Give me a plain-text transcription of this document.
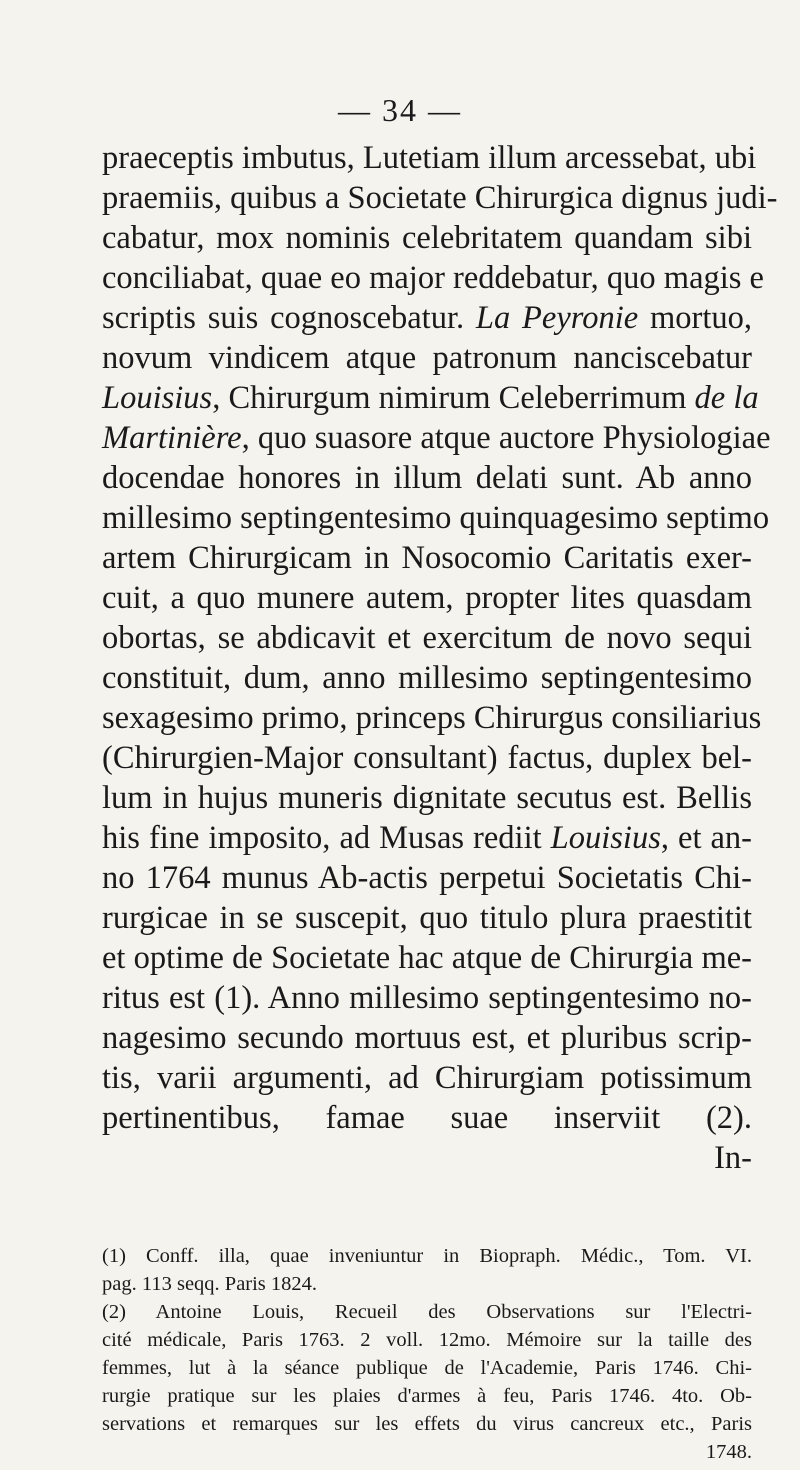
— 34 —
praeceptis imbutus, Lutetiam illum arcessebat, ubi
praemiis, quibus a Societate Chirurgica dignus judi-
cabatur, mox nominis celebritatem quandam sibi
conciliabat, quae eo major reddebatur, quo magis e
scriptis suis cognoscebatur. La Peyronie mortuo,
novum vindicem atque patronum nanciscebatur
Louisius, Chirurgum nimirum Celeberrimum de la
Martinière, quo suasore atque auctore Physiologiae
docendae honores in illum delati sunt. Ab anno
millesimo septingentesimo quinquagesimo septimo
artem Chirurgicam in Nosocomio Caritatis exer-
cuit, a quo munere autem, propter lites quasdam
obortas, se abdicavit et exercitum de novo sequi
constituit, dum, anno millesimo septingentesimo
sexagesimo primo, princeps Chirurgus consiliarius
(Chirurgien-Major consultant) factus, duplex bel-
lum in hujus muneris dignitate secutus est. Bellis
his fine imposito, ad Musas rediit Louisius, et an-
no 1764 munus Ab-actis perpetui Societatis Chi-
rurgicae in se suscepit, quo titulo plura praestitit
et optime de Societate hac atque de Chirurgia me-
ritus est (1). Anno millesimo septingentesimo no-
nagesimo secundo mortuus est, et pluribus scrip-
tis, varii argumenti, ad Chirurgiam potissimum
pertinentibus, famae suae inserviit (2).
In-
(1) Conff. illa, quae inveniuntur in Biopraph. Médic., Tom. VI.
pag. 113 seqq. Paris 1824.
(2) Antoine Louis, Recueil des Observations sur l'Electri-
cité médicale, Paris 1763. 2 voll. 12mo. Mémoire sur la taille des
femmes, lut à la séance publique de l'Academie, Paris 1746. Chi-
rurgie pratique sur les plaies d'armes à feu, Paris 1746. 4to. Ob-
servations et remarques sur les effets du virus cancreux etc., Paris
1748.
